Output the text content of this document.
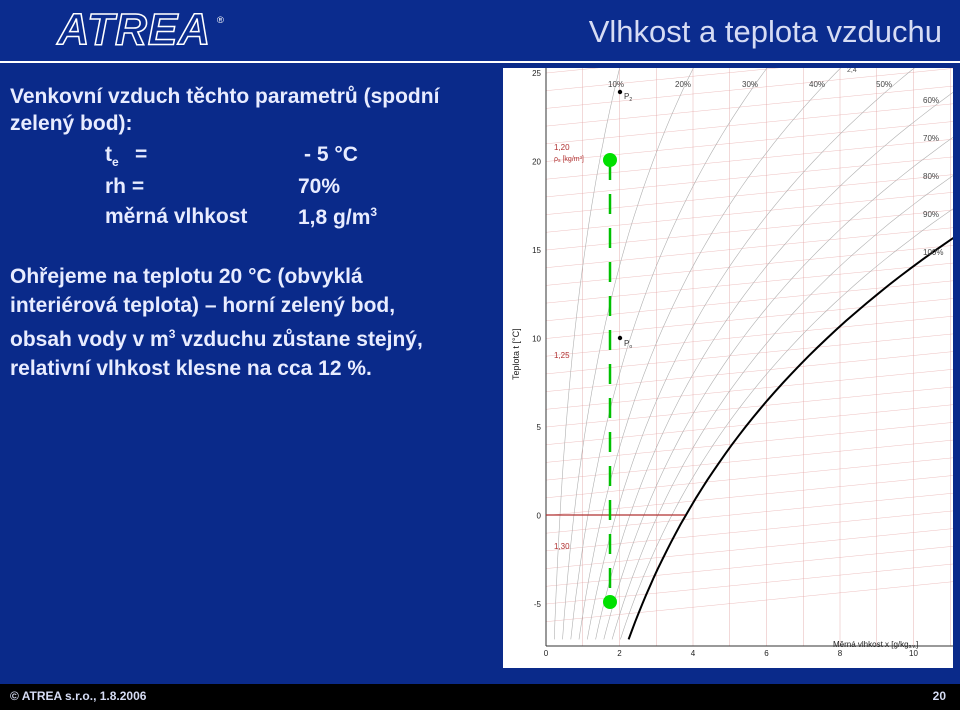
ATREA ®	Vlhkost a teplota vzduchu
Venkovní vzduch těchto parametrů (spodní
zelený bod):
$t_e$ =	- 5 °C
rh =	70%
měrná vlhkost 1,8 $g/m^3$
Ohřejeme na teplotu 20 °C (obvyklá
interiérová teplota) – horní zelený bod,
obsah vody v $m^3$ vzduchu zůstane stejný,
relativní vlhkost klesne na cca 12 %.
$P_2$
$P_o$
2,4
25
20
15
10
5
0
-5
0	2	4	6	8	10
10%	20%	30%	40%	50%
60%
70%
80%
90%
100%
1,20
1,25
1,30
ρs [kg/m³]
Teplota t [°C]
Měrná vlhkost x [g/kgs.v.]
© ATREA s.r.o., 1.8.2006	20
